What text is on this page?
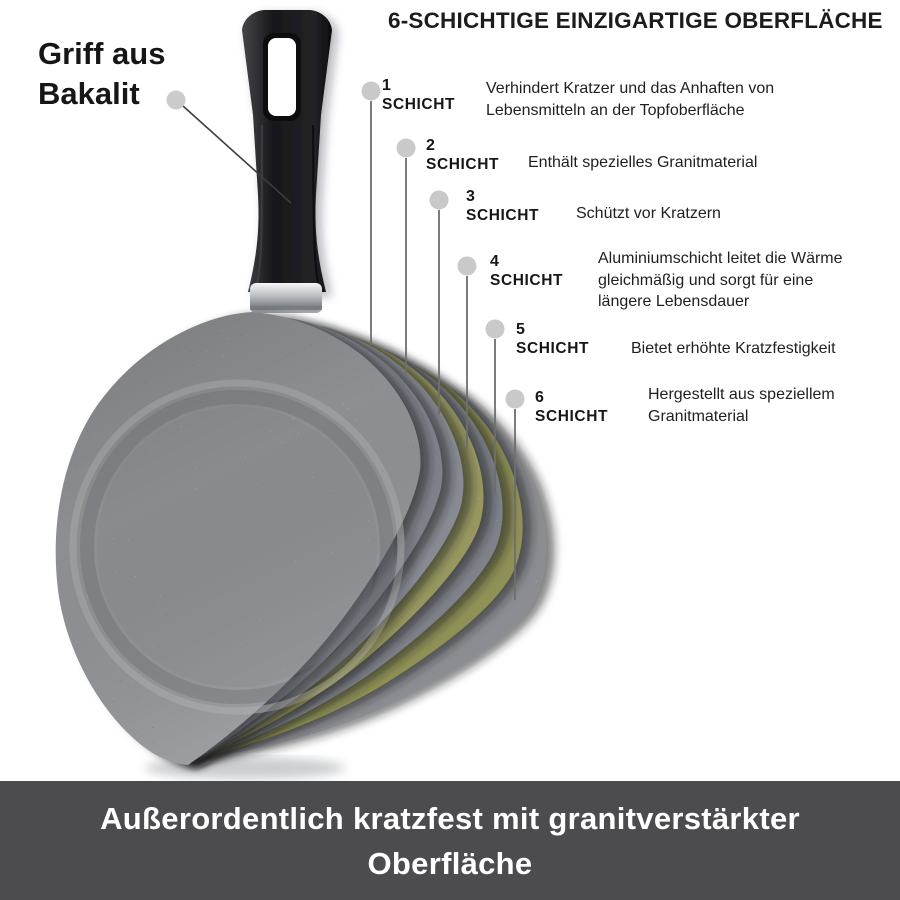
6-SCHICHTIGE EINZIGARTIGE OBERFLÄCHE
Griff aus Bakalit	1
SCHICHT
Verhindert Kratzer und das Anhaften von Lebensmitteln an der Topfoberfläche
2
SCHICHT Enthält spezielles Granitmaterial
3
SCHICHT Schützt vor Kratzern
4
SCHICHT
Aluminiumschicht leitet die Wärme gleichmäßig und sorgt für eine längere Lebensdauer
5
SCHICHT	Bietet erhöhte Kratzfestigkeit
6
SCHICHT
Hergestellt aus speziellem Granitmaterial
Außerordentlich kratzfest mit granitverstärkter Oberfläche
